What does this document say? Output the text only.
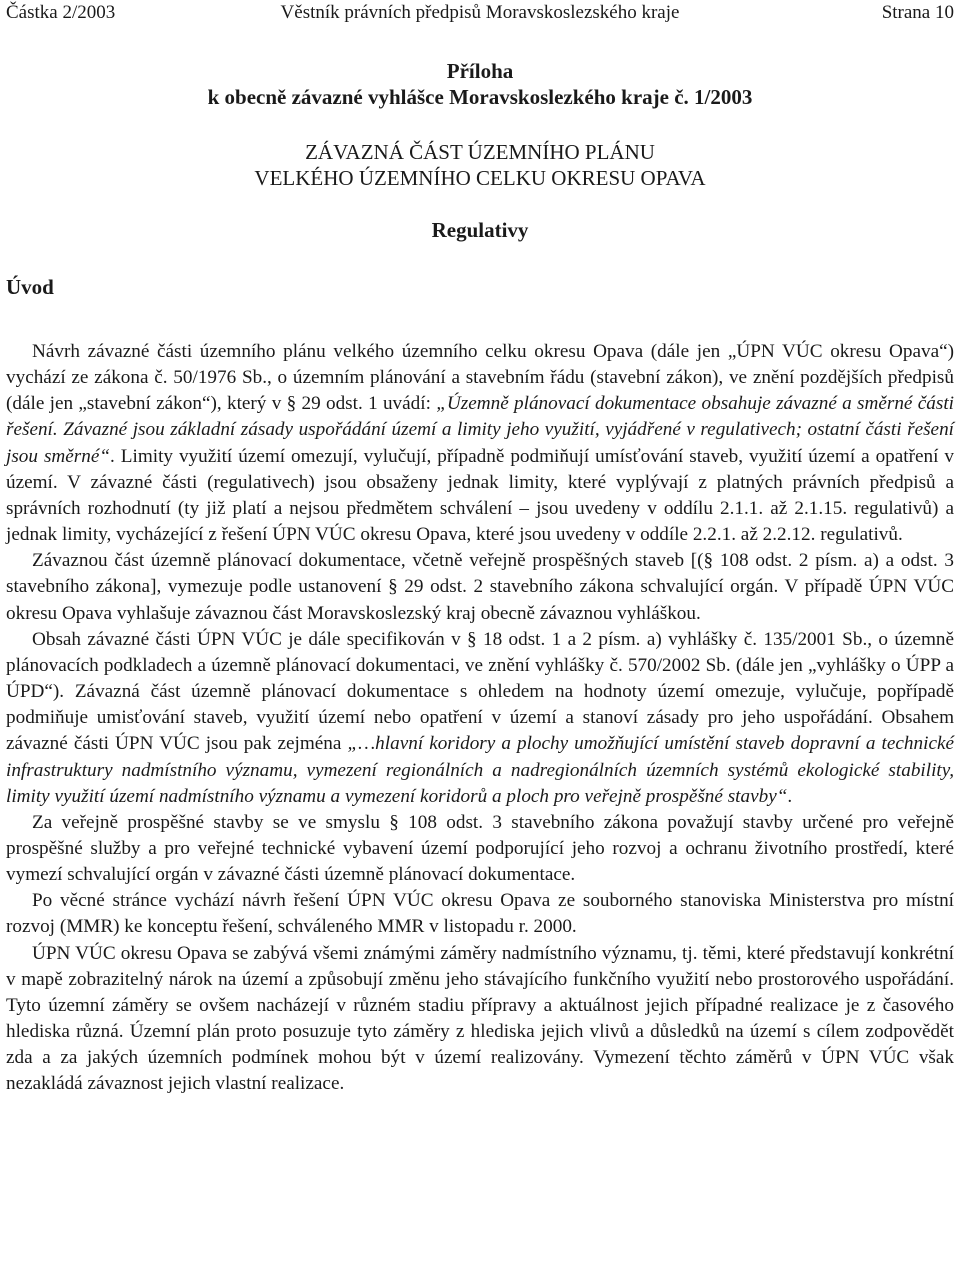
Částka 2/2003	Věstník právních předpisů Moravskoslezského kraje	Strana 10
Příloha
k obecně závazné vyhlášce Moravskoslezkého kraje č. 1/2003
ZÁVAZNÁ ČÁST ÚZEMNÍHO PLÁNU
VELKÉHO ÚZEMNÍHO CELKU OKRESU OPAVA
Regulativy
Úvod

Návrh závazné části územního plánu velkého územního celku okresu Opava (dále jen „ÚPN VÚC okresu Opava“) vychází ze zákona č. 50/1976 Sb., o územním plánování a stavebním řádu (stavební zákon), ve znění pozdějších předpisů (dále jen „stavební zákon“), který v § 29 odst. 1 uvádí: „Územně plánovací dokumentace obsahuje závazné a směrné části řešení. Závazné jsou základní zásady uspořádání území a limity jeho využití, vyjádřené v regulativech; ostatní části řešení jsou směrné“. Limity využití území omezují, vylučují, případně podmiňují umísťování staveb, využití území a opatření v území. V závazné části (regulativech) jsou obsaženy jednak limity, které vyplývají z platných právních předpisů a správních rozhodnutí (ty již platí a nejsou předmětem schválení – jsou uvedeny v oddílu 2.1.1. až 2.1.15. regulativů) a jednak limity, vycházející z řešení ÚPN VÚC okresu Opava, které jsou uvedeny v oddíle 2.2.1. až 2.2.12. regulativů.

Závaznou část územně plánovací dokumentace, včetně veřejně prospěšných staveb [(§ 108 odst. 2 písm. a) a odst. 3 stavebního zákona], vymezuje podle ustanovení § 29 odst. 2 stavebního zákona schvalující orgán. V případě ÚPN VÚC okresu Opava vyhlašuje závaznou část Moravskoslezský kraj obecně závaznou vyhláškou.

Obsah závazné části ÚPN VÚC je dále specifikován v § 18 odst. 1 a 2 písm. a) vyhlášky č. 135/2001 Sb., o územně plánovacích podkladech a územně plánovací dokumentaci, ve znění vyhlášky č. 570/2002 Sb. (dále jen „vyhlášky o ÚPP a ÚPD“). Závazná část územně plánovací dokumentace s ohledem na hodnoty území omezuje, vylučuje, popřípadě podmiňuje umisťování staveb, využití území nebo opatření v území a stanoví zásady pro jeho uspořádání. Obsahem závazné části ÚPN VÚC jsou pak zejména „…hlavní koridory a plochy umožňující umístění staveb dopravní a technické infrastruktury nadmístního významu, vymezení regionálních a nadregionálních územních systémů ekologické stability, limity využití území nadmístního významu a vymezení koridorů a ploch pro veřejně prospěšné stavby“.

Za veřejně prospěšné stavby se ve smyslu § 108 odst. 3 stavebního zákona považují stavby určené pro veřejně prospěšné služby a pro veřejné technické vybavení území podporující jeho rozvoj a ochranu životního prostředí, které vymezí schvalující orgán v závazné části územně plánovací dokumentace.

Po věcné stránce vychází návrh řešení ÚPN VÚC okresu Opava ze souborného stanoviska Ministerstva pro místní rozvoj (MMR) ke konceptu řešení, schváleného MMR v listopadu r. 2000.

ÚPN VÚC okresu Opava se zabývá všemi známými záměry nadmístního významu, tj. těmi, které představují konkrétní v mapě zobrazitelný nárok na území a způsobují změnu jeho stávajícího funkčního využití nebo prostorového uspořádání. Tyto územní záměry se ovšem nacházejí v různém stadiu přípravy a aktuálnost jejich případné realizace je z časového hlediska různá. Územní plán proto posuzuje tyto záměry z hlediska jejich vlivů a důsledků na území s cílem zodpovědět zda a za jakých územních podmínek mohou být v území realizovány. Vymezení těchto záměrů v ÚPN VÚC však nezakládá závaznost jejich vlastní realizace.
